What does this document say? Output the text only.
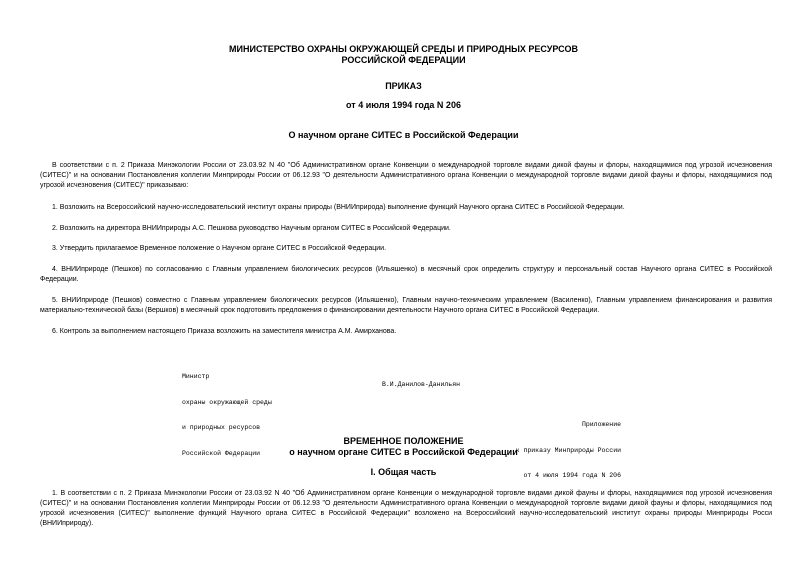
МИНИСТЕРСТВО ОХРАНЫ ОКРУЖАЮЩЕЙ СРЕДЫ И ПРИРОДНЫХ РЕСУРСОВ
РОССИЙСКОЙ ФЕДЕРАЦИИ
ПРИКАЗ
от 4 июля 1994 года N 206
О научном органе СИТЕС в Российской Федерации

В соответствии с п. 2 Приказа Минэкологии России от 23.03.92 N 40 "Об Административном органе Конвенции о международной торговле видами дикой фауны и флоры, находящимися под угрозой исчезновения (СИТЕС)" и на основании Постановления коллегии Минприроды России от 06.12.93 "О деятельности Административного органа Конвенции о международной торговле видами дикой фауны и флоры, находящимися под угрозой исчезновения (СИТЕС)" приказываю:

1. Возложить на Всероссийский научно-исследовательский институт охраны природы (ВНИИприрода) выполнение функций Научного органа СИТЕС в Российской Федерации.

2. Возложить на директора ВНИИприроды А.С. Пешкова руководство Научным органом СИТЕС в Российской Федерации.

3. Утвердить прилагаемое Временное положение о Научном органе СИТЕС в Российской Федерации.

4. ВНИИприроде (Пешков) по согласованию с Главным управлением биологических ресурсов (Ильяшенко) в месячный срок определить структуру и персональный состав Научного органа СИТЕС в Российской Федерации.

5. ВНИИприроде (Пешков) совместно с Главным управлением биологических ресурсов (Ильяшенко), Главным научно-техническим управлением (Василенко), Главным управлением финансирования и развития материально-технической базы (Вершков) в месячный срок подготовить предложения о финансировании деятельности Научного органа СИТЕС в Российской Федерации.

6. Контроль за выполнением настоящего Приказа возложить на заместителя министра А.М. Амирханова.

Министр

охраны окружающей среды

и природных ресурсов

Российской Федерации

В.И.Данилов-Данильян

Приложение

к приказу Минприроды России

от 4 июля 1994 года N 206

ВРЕМЕННОЕ ПОЛОЖЕНИЕ
о научном органе СИТЕС в Российской Федерации
I. Общая часть

1. В соответствии с п. 2 Приказа Минэкологии России от 23.03.92 N 40 "Об Административном органе Конвенции о международной торговле видами дикой фауны и флоры, находящимися под угрозой исчезновения (СИТЕС)" и на основании Постановления коллегии Минприроды России от 06.12.93 "О деятельности Административного органа Конвенции о международной торговле видами дикой фауны и флоры, находящимися под угрозой исчезновения (СИТЕС)" выполнение функций Научного органа СИТЕС в Российской Федерации" возложено на Всероссийский научно-исследовательский институт охраны природы Минприроды Росси (ВНИИприроду).
